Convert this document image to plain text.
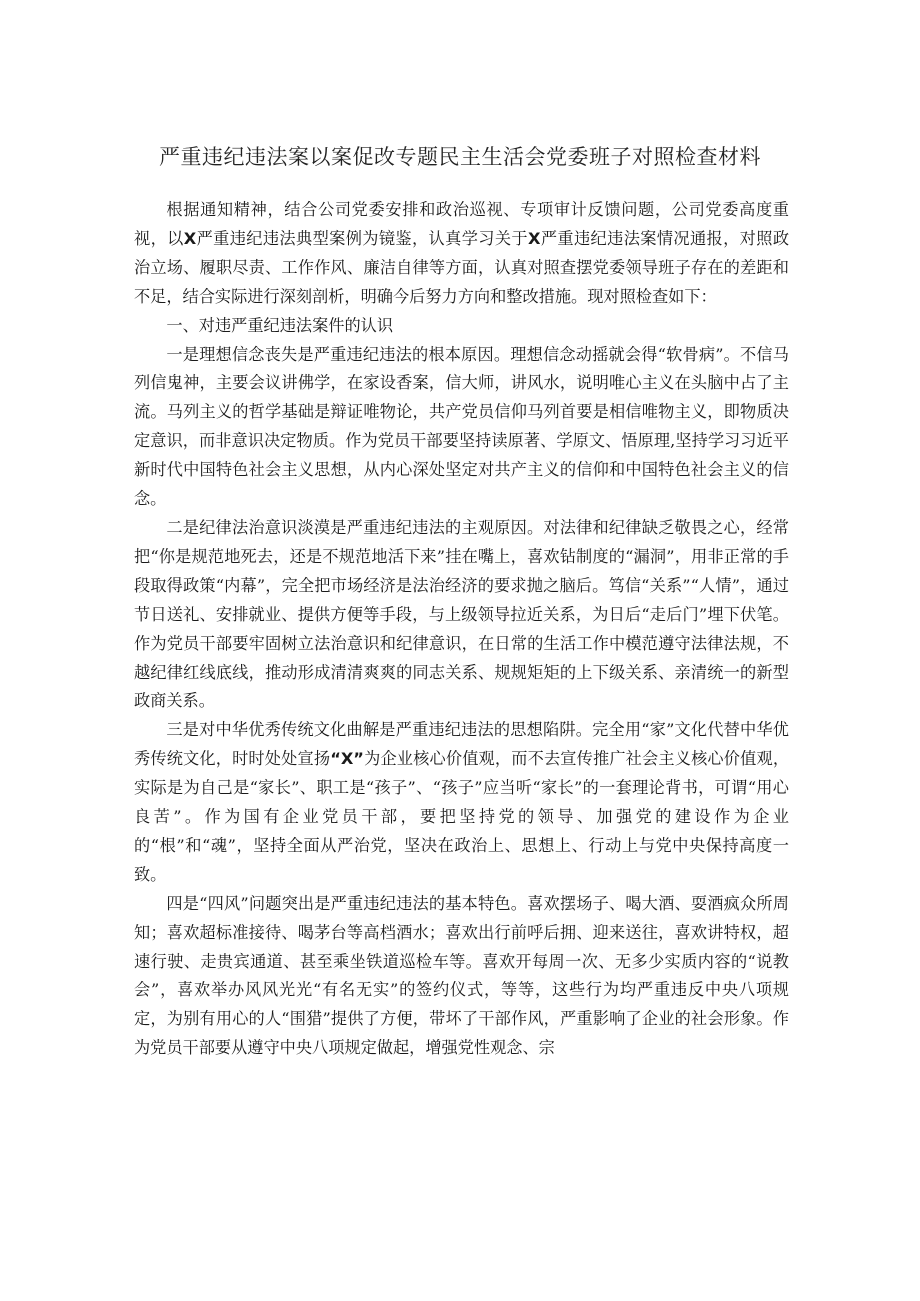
严重违纪违法案以案促改专题民主生活会党委班子对照检查材料

根据通知精神，结合公司党委安排和政治巡视、专项审计反馈问题，公司党委高度重视，以X严重违纪违法典型案例为镜鉴，认真学习关于X严重违纪违法案情况通报，对照政治立场、履职尽责、工作作风、廉洁自律等方面，认真对照查摆党委领导班子存在的差距和不足，结合实际进行深刻剖析，明确今后努力方向和整改措施。现对照检查如下：

一、对违严重纪违法案件的认识

一是理想信念丧失是严重违纪违法的根本原因。理想信念动摇就会得“软骨病”。不信马列信鬼神，主要会议讲佛学，在家设香案，信大师，讲风水，说明唯心主义在头脑中占了主流。马列主义的哲学基础是辩证唯物论，共产党员信仰马列首要是相信唯物主义，即物质决定意识，而非意识决定物质。作为党员干部要坚持读原著、学原文、悟原理,坚持学习习近平新时代中国特色社会主义思想，从内心深处坚定对共产主义的信仰和中国特色社会主义的信念。

二是纪律法治意识淡漠是严重违纪违法的主观原因。对法律和纪律缺乏敬畏之心，经常把“你是规范地死去，还是不规范地活下来”挂在嘴上，喜欢钻制度的“漏洞”，用非正常的手段取得政策“内幕”，完全把市场经济是法治经济的要求抛之脑后。笃信“关系”“人情”，通过节日送礼、安排就业、提供方便等手段，与上级领导拉近关系，为日后“走后门”埋下伏笔。作为党员干部要牢固树立法治意识和纪律意识，在日常的生活工作中模范遵守法律法规，不越纪律红线底线，推动形成清清爽爽的同志关系、规规矩矩的上下级关系、亲清统一的新型政商关系。

三是对中华优秀传统文化曲解是严重违纪违法的思想陷阱。完全用“家”文化代替中华优秀传统文化，时时处处宣扬“X”为企业核心价值观，而不去宣传推广社会主义核心价值观，实际是为自己是“家长”、职工是“孩子”、“孩子”应当听“家长”的一套理论背书，可谓“用心良苦”。作为国有企业党员干部，要把坚持党的领导、加强党的建设作为企业的“根”和“魂”，坚持全面从严治党，坚决在政治上、思想上、行动上与党中央保持高度一致。

四是“四风”问题突出是严重违纪违法的基本特色。喜欢摆场子、喝大酒、耍酒疯众所周知；喜欢超标准接待、喝茅台等高档酒水；喜欢出行前呼后拥、迎来送往，喜欢讲特权，超速行驶、走贵宾通道、甚至乘坐铁道巡检车等。喜欢开每周一次、无多少实质内容的“说教会”，喜欢举办风风光光“有名无实”的签约仪式，等等，这些行为均严重违反中央八项规定，为别有用心的人“围猎”提供了方便，带坏了干部作风，严重影响了企业的社会形象。作为党员干部要从遵守中央八项规定做起，增强党性观念、宗
